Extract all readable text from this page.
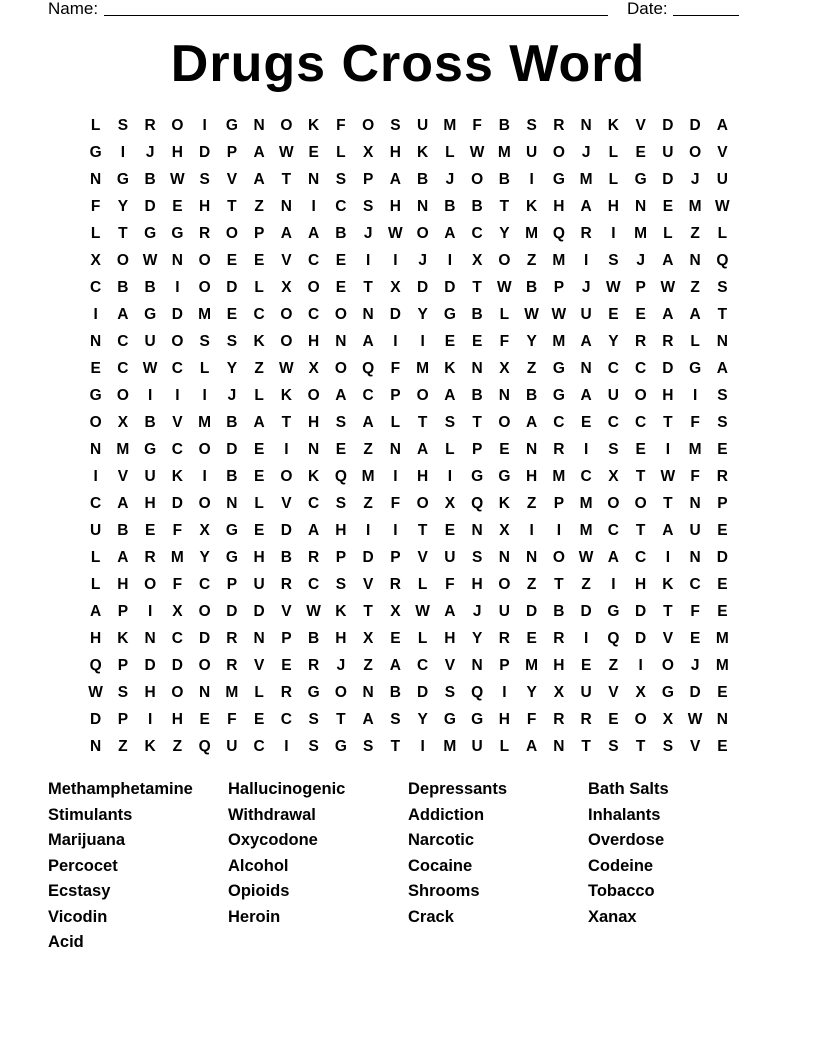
Name:	Date:
Drugs Cross Word
L	S	R	O	I	G	N	O	K	F	O	S	U M	F	B	S	R	N	K	V	D	D	A
G	I	J	H	D	P	A W E	L	X	H	K	L W M U	O	J	L	E	U	O	V
N	G	B W S	V	A	T	N	S	P	A	B	J	O	B	I	G M	L	G	D	J	U
F	Y	D	E	H	T	Z	N	I	C	S	H	N	B	B	T	K	H	A	H	N	E	M W
L	T	G G	R	O	P	A	A	B	J	W O	A	C	Y	M Q	R	I	M	L	Z	L
X	O W N	O	E	E	V	C	E	I	I	J	I	X	O	Z	M	I	S	J	A	N	Q
C	B	B	I	O	D	L	X	O	E	T	X	D	D	T W B	P	J	W P W Z	S
I	A	G	D M	E	C	O	C	O	N	D	Y	G	B	L W W U	E	E	A	A	T
N	C	U	O	S	S	K	O	H	N	A	I	I	E	E	F	Y	M A	Y	R	R	L	N
E	C W C	L	Y	Z W X	O Q	F	M K	N	X	Z	G	N	C	C	D	G	A
G O	I	I	I	J	L	K	O	A	C	P	O	A	B	N	B	G	A	U	O	H	I	S
O	X	B	V	M B	A	T	H	S	A	L	T	S	T	O	A	C	E	C	C	T	F	S
N M G	C	O	D	E	I	N	E	Z	N	A	L	P	E	N	R	I	S	E	I	M	E
I	V	U	K	I	B	E	O	K	Q M	I	H	I	G G	H M C	X	T W F	R
C	A	H	D	O	N	L	V	C	S	Z	F	O	X	Q	K	Z	P	M O O	T	N	P
U	B	E	F	X	G	E	D	A	H	I	I	T	E	N	X	I	I	M C	T	A	U	E
L	A	R M	Y	G	H	B	R	P	D	P	V	U	S	N	N	O W A	C	I	N	D
L	H	O	F	C	P	U	R	C	S	V	R	L	F	H	O	Z	T	Z	I	H	K	C	E
A	P	I	X	O	D	D	V W K	T	X W A	J	U	D	B	D	G	D	T	F	E
H	K	N	C	D	R	N	P	B	H	X	E	L	H	Y	R	E	R	I	Q	D	V	E	M
Q	P	D	D	O	R	V	E	R	J	Z	A	C	V	N	P	M H	E	Z	I	O	J	M
W S	H	O	N M	L	R	G O	N	B	D	S	Q	I	Y	X	U	V	X	G	D	E
D	P	I	H	E	F	E	C	S	T	A	S	Y	G G	H	F	R	R	E	O	X W N
N	Z	K	Z	Q	U	C	I	S	G	S	T	I	M U	L	A	N	T	S	T	S	V	E
Methamphetamine	Hallucinogenic	Depressants	Bath Salts
Stimulants	Withdrawal	Addiction	Inhalants
Marijuana	Oxycodone	Narcotic	Overdose
Percocet	Alcohol	Cocaine	Codeine
Ecstasy	Opioids	Shrooms	Tobacco
Vicodin	Heroin	Crack	Xanax
Acid
